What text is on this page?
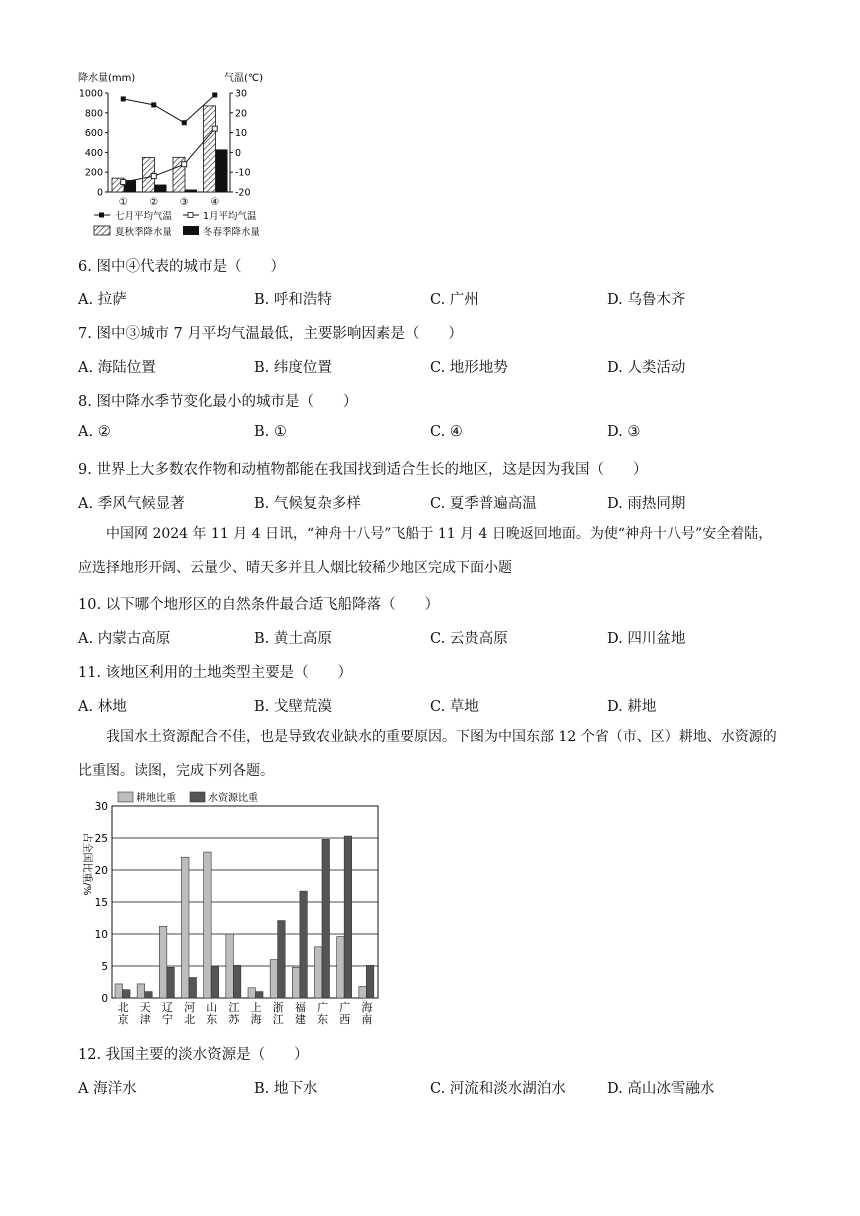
降水量(mm)	气温(℃)
1000
800
600
400
200
0
30
20
10
0
-10
-20
① ② ③ ④
七月平均气温	1月平均气温
夏秋季降水量	冬春季降水量
6. 图中④代表的城市是（　　）
A. 拉萨	B. 呼和浩特	C. 广州	D. 乌鲁木齐
7. 图中③城市 7 月平均气温最低，主要影响因素是（　　）
A. 海陆位置	B. 纬度位置	C. 地形地势	D. 人类活动
8. 图中降水季节变化最小的城市是（　　）
A. ②	B. ①	C. ④	D. ③
9. 世界上大多数农作物和动植物都能在我国找到适合生长的地区，这是因为我国（　　）
A. 季风气候显著	B. 气候复杂多样	C. 夏季普遍高温	D. 雨热同期
中国网 2024 年 11 月 4 日讯，“神舟十八号”飞船于 11 月 4 日晚返回地面。为使“神舟十八号”安全着陆，应选择地形开阔、云量少、晴天多并且人烟比较稀少地区完成下面小题
10. 以下哪个地形区的自然条件最合适飞船降落（　　）
A. 内蒙古高原	B. 黄土高原	C. 云贵高原	D. 四川盆地
11. 该地区利用的土地类型主要是（　　）
A. 林地	B. 戈壁荒漠	C. 草地	D. 耕地
我国水土资源配合不佳，也是导致农业缺水的重要原因。下图为中国东部 12 个省（市、区）耕地、水资源的比重图。读图，完成下列各题。
占全国比重/%
耕地比重	水资源比重
30
25
20
15
10
5
0
北
京
天
津
辽
宁
河
北
山
东
江
苏
上
海
浙
江
福
建
广
东
广
西
海
南
12. 我国主要的淡水资源是（　　）
A 海洋水	B. 地下水	C. 河流和淡水湖泊水	D. 高山冰雪融水
